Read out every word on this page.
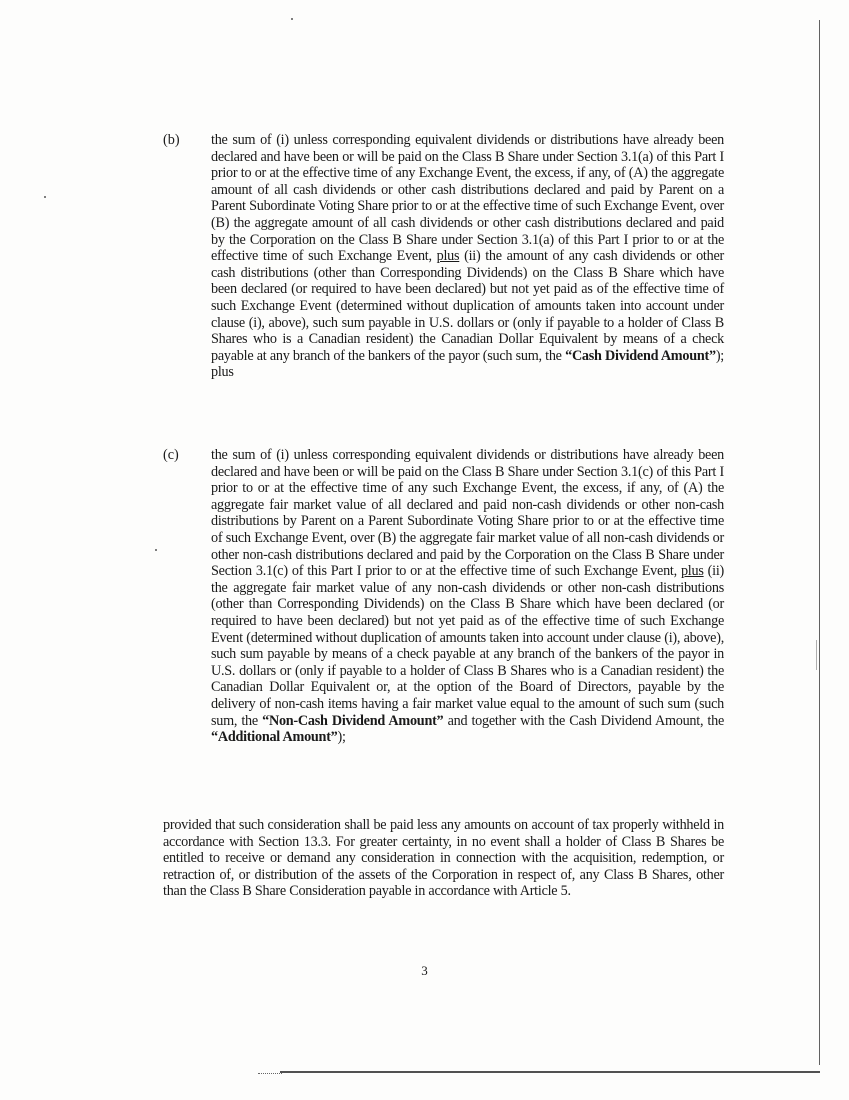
(b) the sum of (i) unless corresponding equivalent dividends or distributions have already been declared and have been or will be paid on the Class B Share under Section 3.1(a) of this Part I prior to or at the effective time of any Exchange Event, the excess, if any, of (A) the aggregate amount of all cash dividends or other cash distributions declared and paid by Parent on a Parent Subordinate Voting Share prior to or at the effective time of such Exchange Event, over (B) the aggregate amount of all cash dividends or other cash distributions declared and paid by the Corporation on the Class B Share under Section 3.1(a) of this Part I prior to or at the effective time of such Exchange Event, plus (ii) the amount of any cash dividends or other cash distributions (other than Corresponding Dividends) on the Class B Share which have been declared (or required to have been declared) but not yet paid as of the effective time of such Exchange Event (determined without duplication of amounts taken into account under clause (i), above), such sum payable in U.S. dollars or (only if payable to a holder of Class B Shares who is a Canadian resident) the Canadian Dollar Equivalent by means of a check payable at any branch of the bankers of the payor (such sum, the “Cash Dividend Amount”); plus
(c) the sum of (i) unless corresponding equivalent dividends or distributions have already been declared and have been or will be paid on the Class B Share under Section 3.1(c) of this Part I prior to or at the effective time of any such Exchange Event, the excess, if any, of (A) the aggregate fair market value of all declared and paid non-cash dividends or other non-cash distributions by Parent on a Parent Subordinate Voting Share prior to or at the effective time of such Exchange Event, over (B) the aggregate fair market value of all non-cash dividends or other non-cash distributions declared and paid by the Corporation on the Class B Share under Section 3.1(c) of this Part I prior to or at the effective time of such Exchange Event, plus (ii) the aggregate fair market value of any non-cash dividends or other non-cash distributions (other than Corresponding Dividends) on the Class B Share which have been declared (or required to have been declared) but not yet paid as of the effective time of such Exchange Event (determined without duplication of amounts taken into account under clause (i), above), such sum payable by means of a check payable at any branch of the bankers of the payor in U.S. dollars or (only if payable to a holder of Class B Shares who is a Canadian resident) the Canadian Dollar Equivalent or, at the option of the Board of Directors, payable by the delivery of non-cash items having a fair market value equal to the amount of such sum (such sum, the “Non-Cash Dividend Amount” and together with the Cash Dividend Amount, the “Additional Amount”);
provided that such consideration shall be paid less any amounts on account of tax properly withheld in accordance with Section 13.3. For greater certainty, in no event shall a holder of Class B Shares be entitled to receive or demand any consideration in connection with the acquisition, redemption, or retraction of, or distribution of the assets of the Corporation in respect of, any Class B Shares, other than the Class B Share Consideration payable in accordance with Article 5.
3
